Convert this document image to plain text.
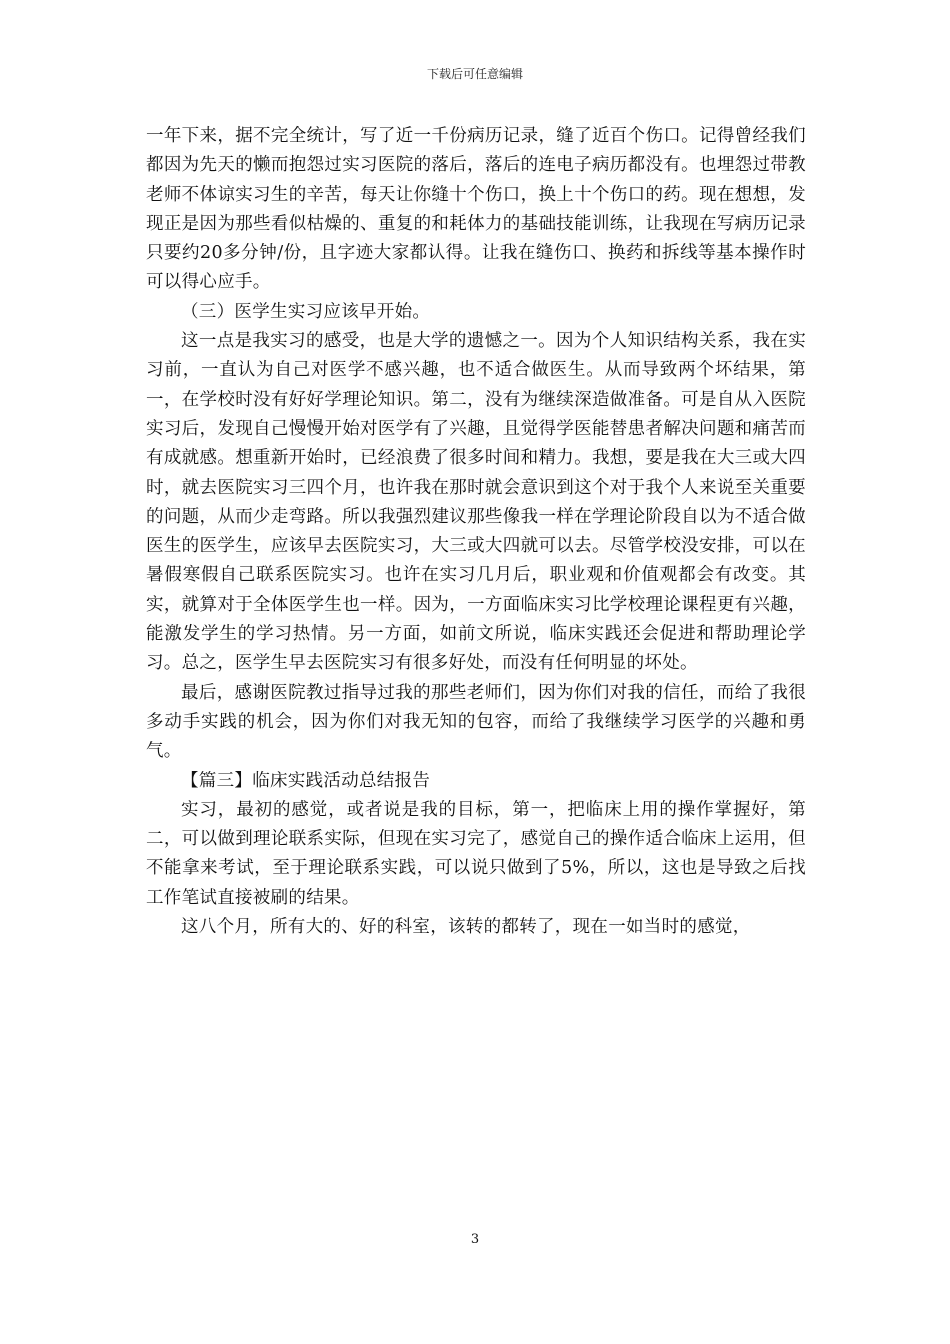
下载后可任意编辑

一年下来，据不完全统计，写了近一千份病历记录，缝了近百个伤口。记得曾经我们都因为先天的懒而抱怨过实习医院的落后，落后的连电子病历都没有。也埋怨过带教老师不体谅实习生的辛苦，每天让你缝十个伤口，换上十个伤口的药。现在想想，发现正是因为那些看似枯燥的、重复的和耗体力的基础技能训练，让我现在写病历记录只要约20多分钟/份，且字迹大家都认得。让我在缝伤口、换药和拆线等基本操作时可以得心应手。

（三）医学生实习应该早开始。

这一点是我实习的感受，也是大学的遗憾之一。因为个人知识结构关系，我在实习前，一直认为自己对医学不感兴趣，也不适合做医生。从而导致两个坏结果，第一，在学校时没有好好学理论知识。第二，没有为继续深造做准备。可是自从入医院实习后，发现自己慢慢开始对医学有了兴趣，且觉得学医能替患者解决问题和痛苦而有成就感。想重新开始时，已经浪费了很多时间和精力。我想，要是我在大三或大四时，就去医院实习三四个月，也许我在那时就会意识到这个对于我个人来说至关重要的问题，从而少走弯路。所以我强烈建议那些像我一样在学理论阶段自以为不适合做医生的医学生，应该早去医院实习，大三或大四就可以去。尽管学校没安排，可以在暑假寒假自己联系医院实习。也许在实习几月后，职业观和价值观都会有改变。其实，就算对于全体医学生也一样。因为，一方面临床实习比学校理论课程更有兴趣，能激发学生的学习热情。另一方面，如前文所说，临床实践还会促进和帮助理论学习。总之，医学生早去医院实习有很多好处，而没有任何明显的坏处。

最后，感谢医院教过指导过我的那些老师们，因为你们对我的信任，而给了我很多动手实践的机会，因为你们对我无知的包容，而给了我继续学习医学的兴趣和勇气。

【篇三】临床实践活动总结报告

实习，最初的感觉，或者说是我的目标，第一，把临床上用的操作掌握好，第二，可以做到理论联系实际，但现在实习完了，感觉自己的操作适合临床上运用，但不能拿来考试，至于理论联系实践，可以说只做到了5%，所以，这也是导致之后找工作笔试直接被刷的结果。

这八个月，所有大的、好的科室，该转的都转了，现在一如当时的感觉，

3
